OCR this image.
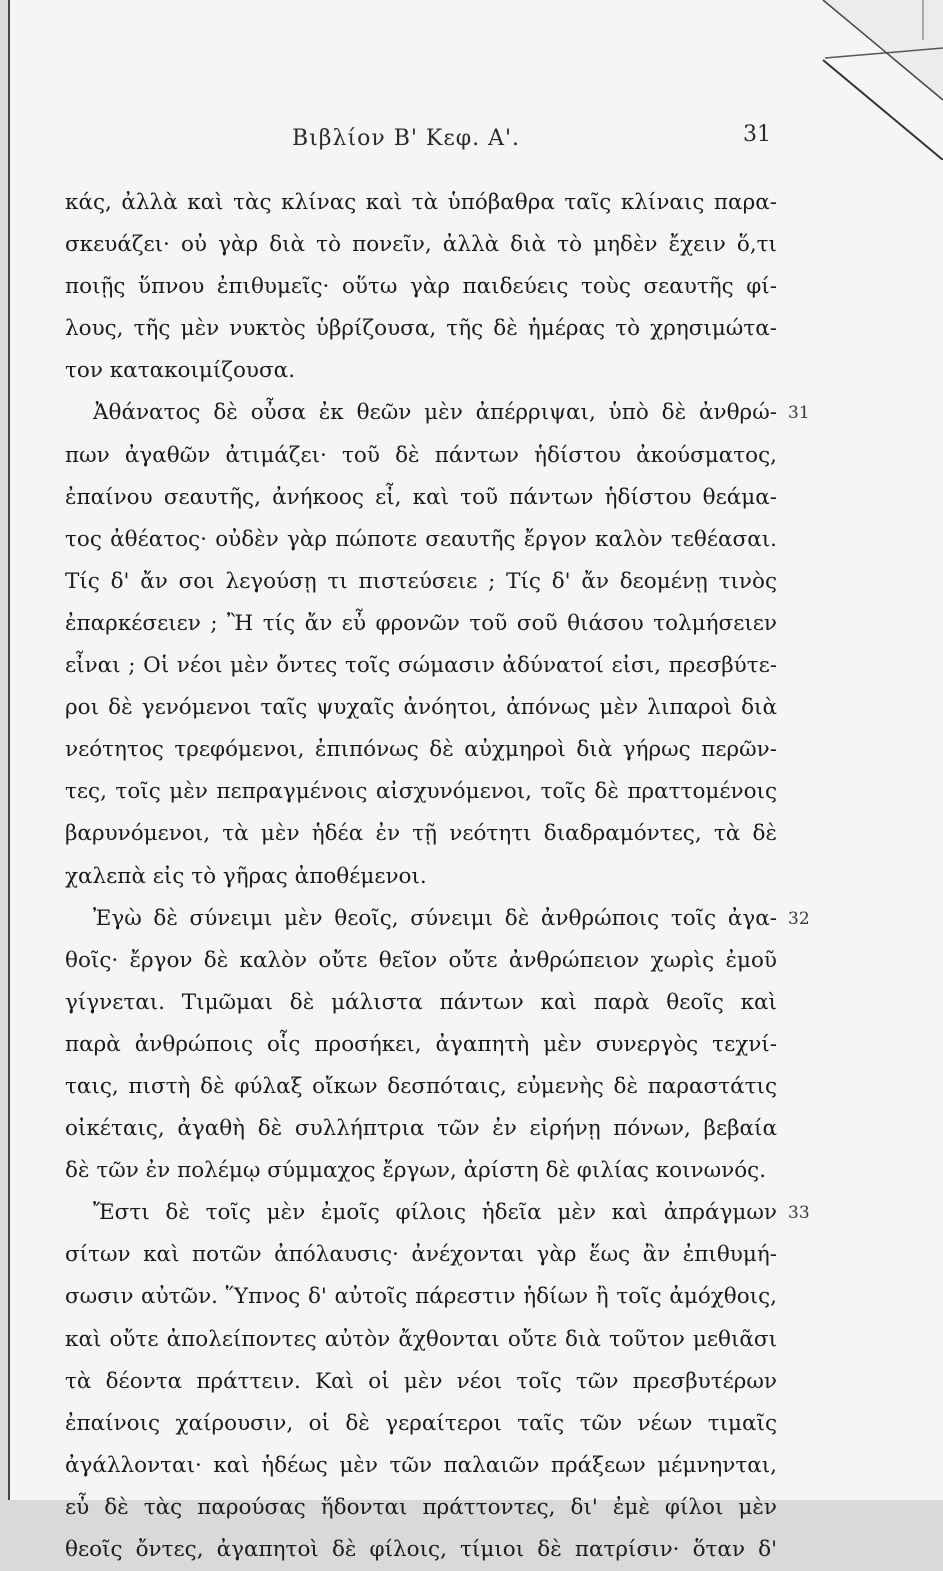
Βιβλίον Β' Κεφ. Α'.	31
κάς, ἀλλὰ καὶ τὰς κλίνας καὶ τὰ ὑπόβαθρα ταῖς κλίναις παρα-
σκευάζει· οὐ γὰρ διὰ τὸ πονεῖν, ἀλλὰ διὰ τὸ μηδὲν ἔχειν ὅ,τι
ποιῇς ὕπνου ἐπιθυμεῖς· οὕτω γὰρ παιδεύεις τοὺς σεαυτῆς φί-
λους, τῆς μὲν νυκτὸς ὑβρίζουσα, τῆς δὲ ἡμέρας τὸ χρησιμώτα-
τον κατακοιμίζουσα.
Ἀθάνατος δὲ οὖσα ἐκ θεῶν μὲν ἀπέρριψαι, ὑπὸ δὲ ἀνθρώ- 31
πων ἀγαθῶν ἀτιμάζει· τοῦ δὲ πάντων ἡδίστου ἀκούσματος,
ἐπαίνου σεαυτῆς, ἀνήκοος εἶ, καὶ τοῦ πάντων ἡδίστου θεάμα-
τος ἀθέατος· οὐδὲν γὰρ πώποτε σεαυτῆς ἔργον καλὸν τεθέασαι.
Τίς δ' ἄν σοι λεγούσῃ τι πιστεύσειε ; Τίς δ' ἄν δεομένῃ τινὸς
ἐπαρκέσειεν ; Ἢ τίς ἄν εὖ φρονῶν τοῦ σοῦ θιάσου τολμήσειεν
εἶναι ; Οἱ νέοι μὲν ὄντες τοῖς σώμασιν ἀδύνατοί εἰσι, πρεσβύτε-
ροι δὲ γενόμενοι ταῖς ψυχαῖς ἀνόητοι, ἀπόνως μὲν λιπαροὶ διὰ
νεότητος τρεφόμενοι, ἐπιπόνως δὲ αὐχμηροὶ διὰ γήρως περῶν-
τες, τοῖς μὲν πεπραγμένοις αἰσχυνόμενοι, τοῖς δὲ πραττομένοις
βαρυνόμενοι, τὰ μὲν ἡδέα ἐν τῇ νεότητι διαδραμόντες, τὰ δὲ
χαλεπὰ εἰς τὸ γῆρας ἀποθέμενοι.
Ἐγὼ δὲ σύνειμι μὲν θεοῖς, σύνειμι δὲ ἀνθρώποις τοῖς ἀγα- 32
θοῖς· ἔργον δὲ καλὸν οὔτε θεῖον οὔτε ἀνθρώπειον χωρὶς ἐμοῦ
γίγνεται. Τιμῶμαι δὲ μάλιστα πάντων καὶ παρὰ θεοῖς καὶ
παρὰ ἀνθρώποις οἷς προσήκει, ἀγαπητὴ μὲν συνεργὸς τεχνί-
ταις, πιστὴ δὲ φύλαξ οἴκων δεσπόταις, εὐμενὴς δὲ παραστάτις
οἰκέταις, ἀγαθὴ δὲ συλλήπτρια τῶν ἐν εἰρήνῃ πόνων, βεβαία
δὲ τῶν ἐν πολέμῳ σύμμαχος ἔργων, ἀρίστη δὲ φιλίας κοινωνός.
Ἔστι δὲ τοῖς μὲν ἐμοῖς φίλοις ἡδεῖα μὲν καὶ ἀπράγμων 33
σίτων καὶ ποτῶν ἀπόλαυσις· ἀνέχονται γὰρ ἕως ἂν ἐπιθυμή-
σωσιν αὐτῶν. Ὕπνος δ' αὐτοῖς πάρεστιν ἡδίων ἢ τοῖς ἀμόχθοις,
καὶ οὔτε ἀπολείποντες αὐτὸν ἄχθονται οὔτε διὰ τοῦτον μεθιᾶσι
τὰ δέοντα πράττειν. Καὶ οἱ μὲν νέοι τοῖς τῶν πρεσβυτέρων
ἐπαίνοις χαίρουσιν, οἱ δὲ γεραίτεροι ταῖς τῶν νέων τιμαῖς
ἀγάλλονται· καὶ ἡδέως μὲν τῶν παλαιῶν πράξεων μέμνηνται,
εὖ δὲ τὰς παρούσας ἥδονται πράττοντες, δι' ἐμὲ φίλοι μὲν
θεοῖς ὄντες, ἀγαπητοὶ δὲ φίλοις, τίμιοι δὲ πατρίσιν· ὅταν δ'
